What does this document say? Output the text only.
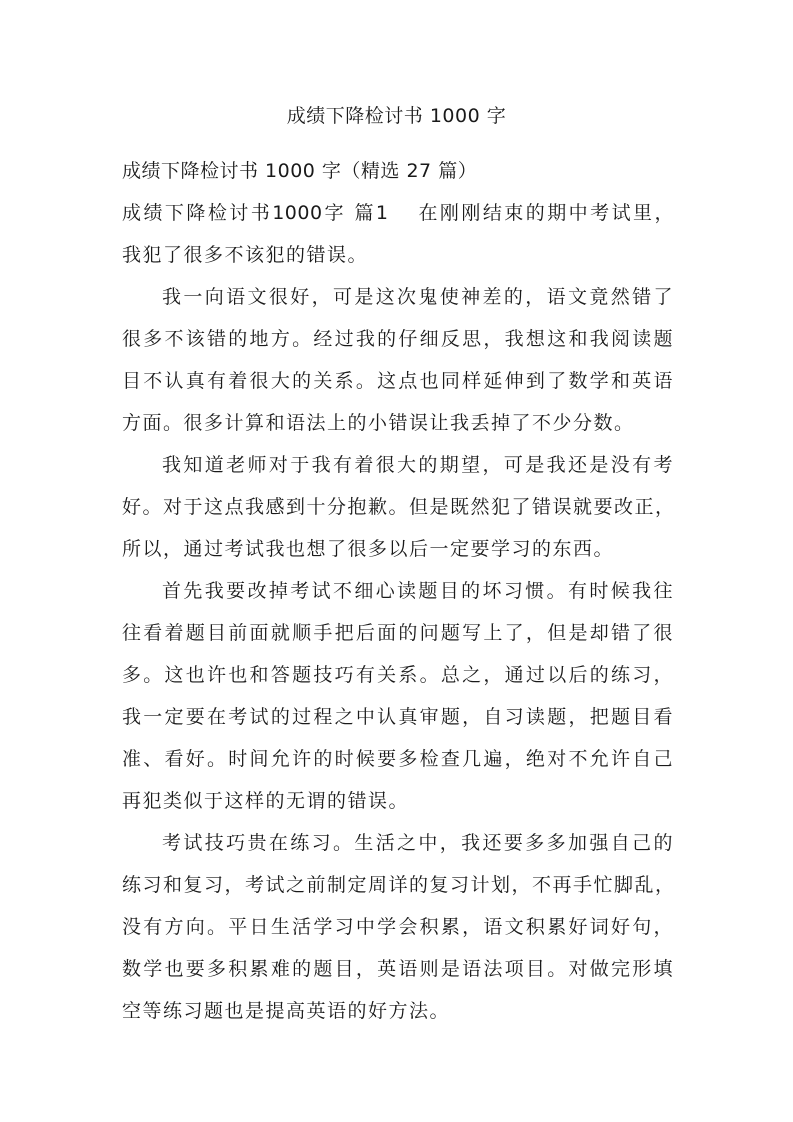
成绩下降检讨书 1000 字
成绩下降检讨书 1000 字（精选 27 篇）
成绩下降检讨书1000字 篇1 在刚刚结束的期中考试里，
我犯了很多不该犯的错误。
我一向语文很好，可是这次鬼使神差的，语文竟然错了
很多不该错的地方。经过我的仔细反思，我想这和我阅读题
目不认真有着很大的关系。这点也同样延伸到了数学和英语
方面。很多计算和语法上的小错误让我丢掉了不少分数。
我知道老师对于我有着很大的期望，可是我还是没有考
好。对于这点我感到十分抱歉。但是既然犯了错误就要改正，
所以，通过考试我也想了很多以后一定要学习的东西。
首先我要改掉考试不细心读题目的坏习惯。有时候我往
往看着题目前面就顺手把后面的问题写上了，但是却错了很
多。这也许也和答题技巧有关系。总之，通过以后的练习，
我一定要在考试的过程之中认真审题，自习读题，把题目看
准、看好。时间允许的时候要多检查几遍，绝对不允许自己
再犯类似于这样的无谓的错误。
考试技巧贵在练习。生活之中，我还要多多加强自己的
练习和复习，考试之前制定周详的复习计划，不再手忙脚乱，
没有方向。平日生活学习中学会积累，语文积累好词好句，
数学也要多积累难的题目，英语则是语法项目。对做完形填
空等练习题也是提高英语的好方法。
